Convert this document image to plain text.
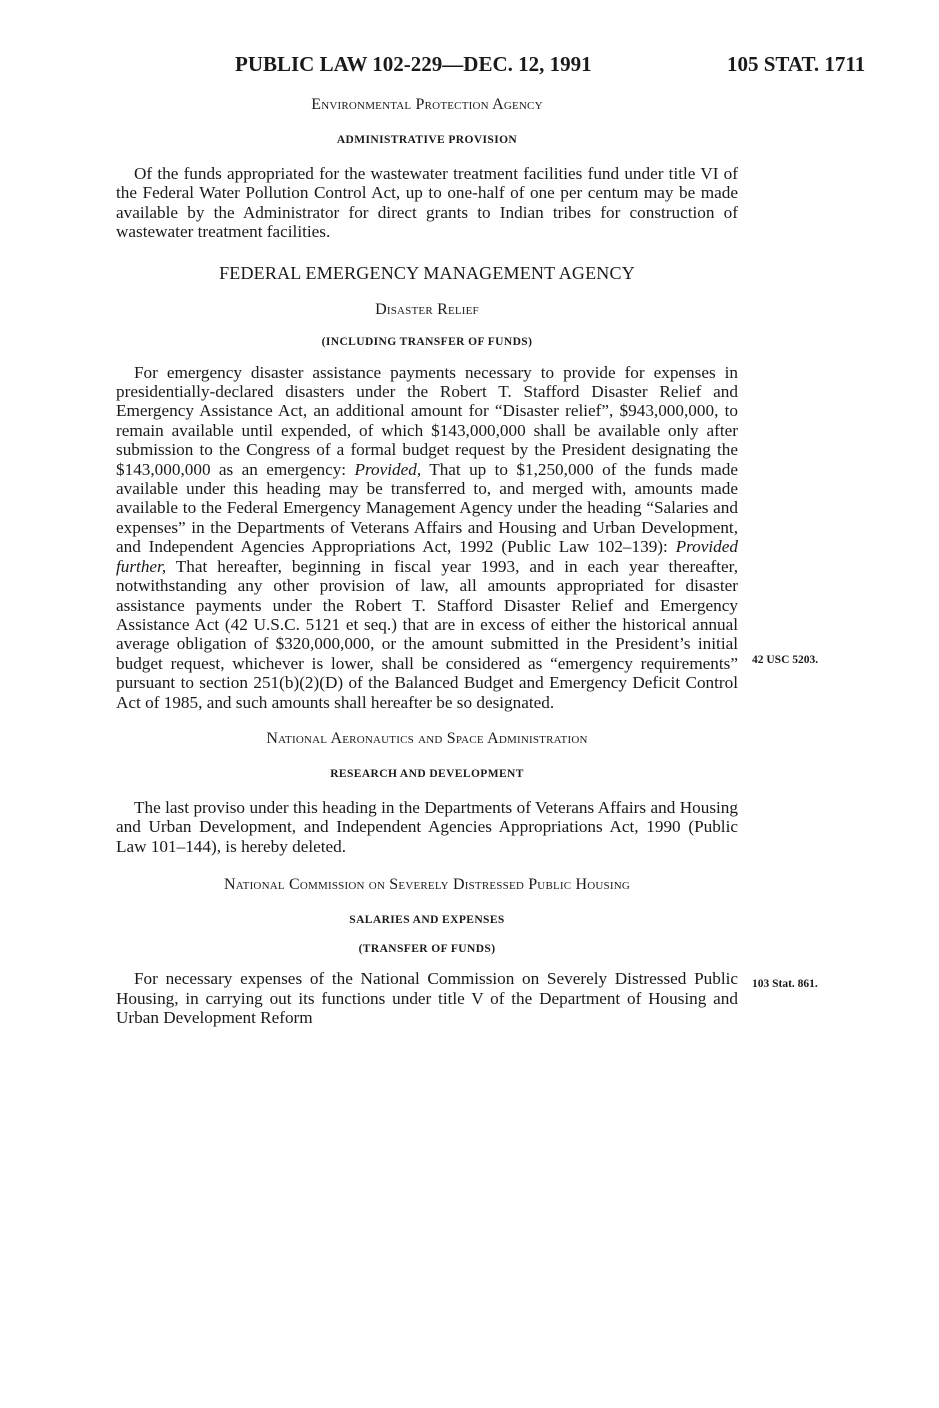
PUBLIC LAW 102-229—DEC. 12, 1991	105 STAT. 1711

Environmental Protection Agency

ADMINISTRATIVE PROVISION

Of the funds appropriated for the wastewater treatment facilities fund under title VI of the Federal Water Pollution Control Act, up to one-half of one per centum may be made available by the Administrator for direct grants to Indian tribes for construction of wastewater treatment facilities.

FEDERAL EMERGENCY MANAGEMENT AGENCY

Disaster Relief

(INCLUDING TRANSFER OF FUNDS)

For emergency disaster assistance payments necessary to provide for expenses in presidentially-declared disasters under the Robert T. Stafford Disaster Relief and Emergency Assistance Act, an additional amount for “Disaster relief”, $943,000,000, to remain available until expended, of which $143,000,000 shall be available only after submission to the Congress of a formal budget request by the President designating the $143,000,000 as an emergency: Provided, That up to $1,250,000 of the funds made available under this heading may be transferred to, and merged with, amounts made available to the Federal Emergency Management Agency under the heading “Salaries and expenses” in the Departments of Veterans Affairs and Housing and Urban Development, and Independent Agencies Appropriations Act, 1992 (Public Law 102–139): Provided further, That hereafter, beginning in fiscal year 1993, and in each year thereafter, notwithstanding any other provision of law, all amounts appropriated for disaster assistance payments under the Robert T. Stafford Disaster Relief and Emergency Assistance Act (42 U.S.C. 5121 et seq.) that are in excess of either the historical annual average obligation of $320,000,000, or the amount submitted in the President’s initial budget request, whichever is lower, shall be considered as “emergency requirements” pursuant to section 251(b)(2)(D) of the Balanced Budget and Emergency Deficit Control Act of 1985, and such amounts shall hereafter be so designated.

National Aeronautics and Space Administration

RESEARCH AND DEVELOPMENT

The last proviso under this heading in the Departments of Veterans Affairs and Housing and Urban Development, and Independent Agencies Appropriations Act, 1990 (Public Law 101–144), is hereby deleted.

National Commission on Severely Distressed Public Housing

SALARIES AND EXPENSES

(TRANSFER OF FUNDS)

For necessary expenses of the National Commission on Severely Distressed Public Housing, in carrying out its functions under title V of the Department of Housing and Urban Development Reform

42 USC 5203.
103 Stat. 861.
